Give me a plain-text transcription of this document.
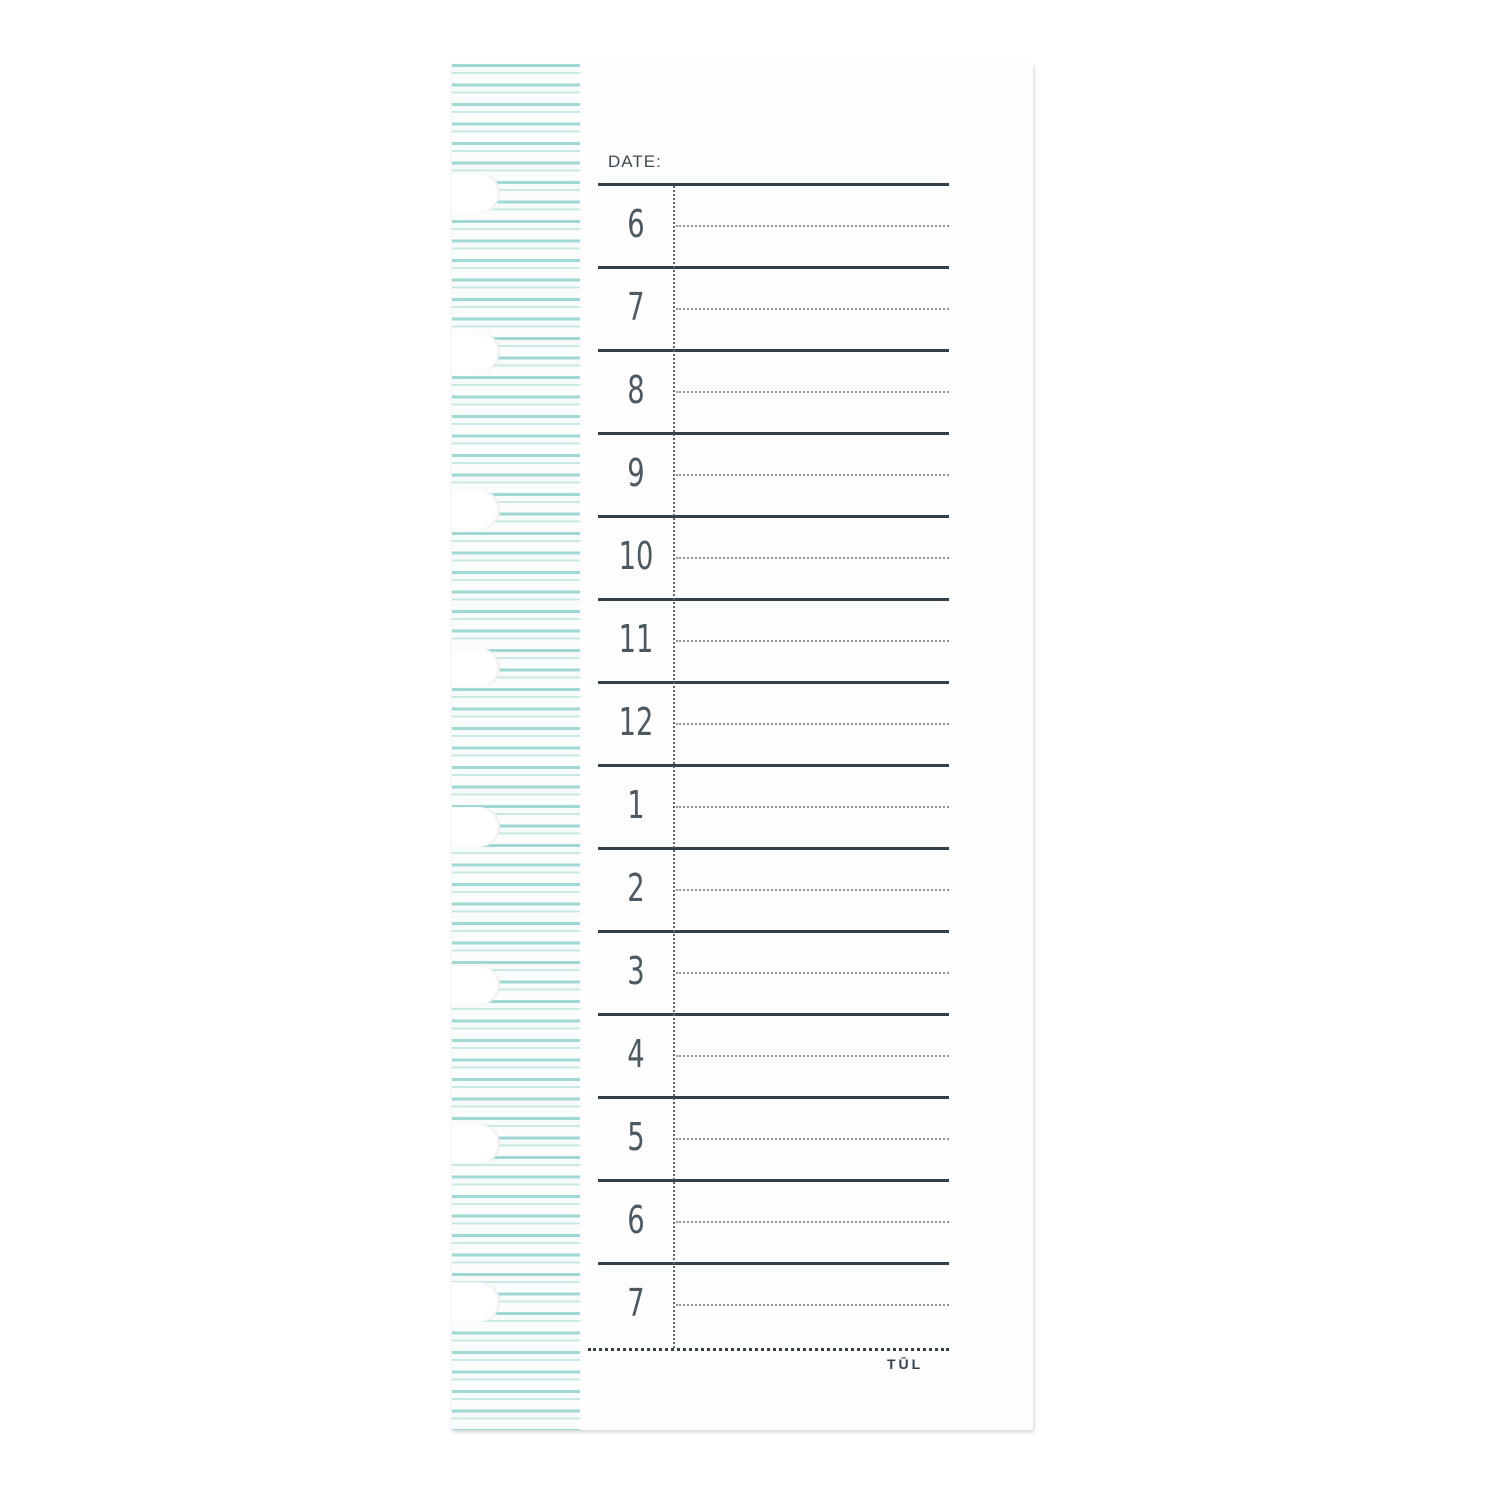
DATE:
6
7
8
9
10
11
12
1
2
3
4
5
6
7
TŪL
